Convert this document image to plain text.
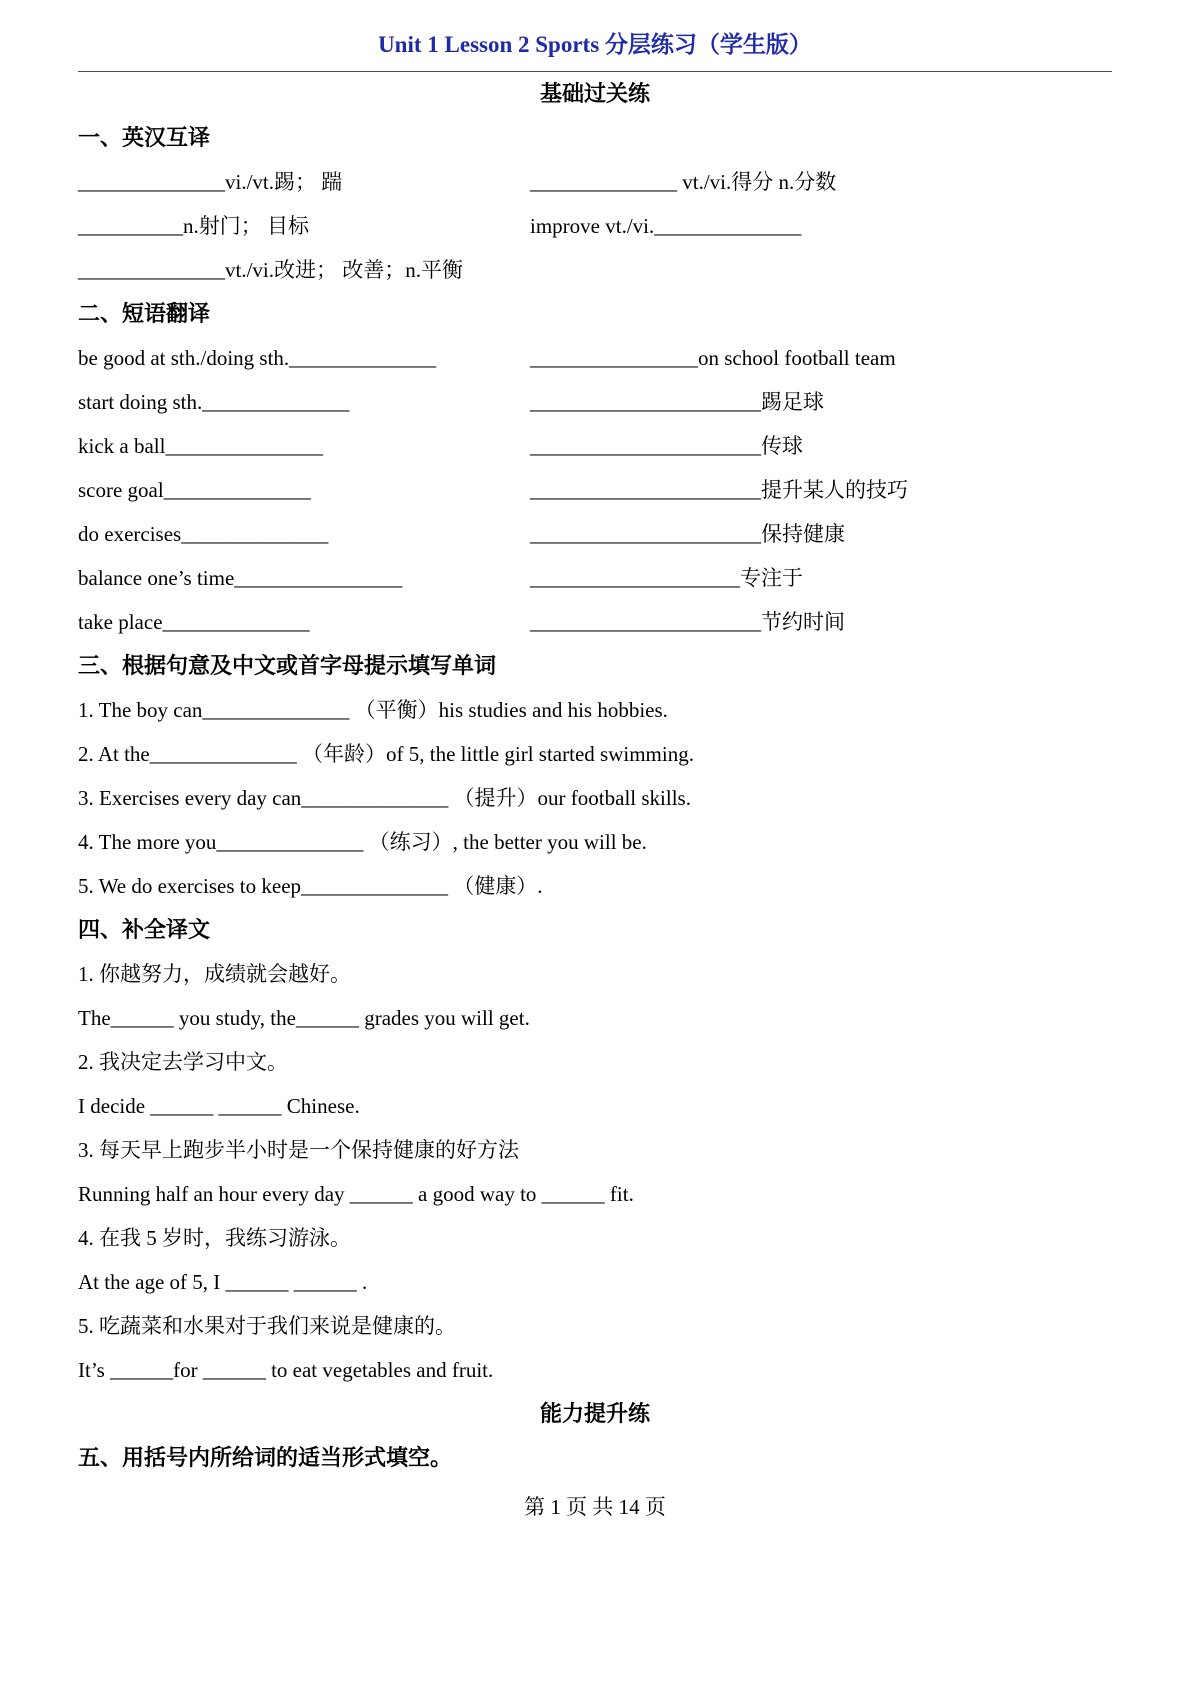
Unit 1 Lesson 2 Sports 分层练习（学生版）
基础过关练
一、英汉互译
______________vi./vt.踢； 踹	______________ vt./vi.得分 n.分数
__________n.射门； 目标	improve vt./vi.______________
______________vt./vi.改进； 改善；n.平衡
二、短语翻译
be good at sth./doing sth.______________	________________on school football team
start doing sth.______________	______________________踢足球
kick a ball_______________	______________________传球
score goal______________	______________________提升某人的技巧
do exercises______________	______________________保持健康
balance one’s time________________	____________________专注于
take place______________	______________________节约时间
三、根据句意及中文或首字母提示填写单词
1. The boy can______________ （平衡）his studies and his hobbies.
2. At the______________ （年龄）of 5, the little girl started swimming.
3. Exercises every day can______________ （提升）our football skills.
4. The more you______________ （练习）, the better you will be.
5. We do exercises to keep______________ （健康）.
四、补全译文
1. 你越努力，成绩就会越好。
The______ you study, the______ grades you will get.
2. 我决定去学习中文。
I decide ______ ______ Chinese.
3. 每天早上跑步半小时是一个保持健康的好方法
Running half an hour every day ______ a good way to ______ fit.
4. 在我 5 岁时，我练习游泳。
At the age of 5, I ______ ______ .
5. 吃蔬菜和水果对于我们来说是健康的。
It’s ______for ______ to eat vegetables and fruit.
能力提升练
五、用括号内所给词的适当形式填空。
第 1 页 共 14 页
